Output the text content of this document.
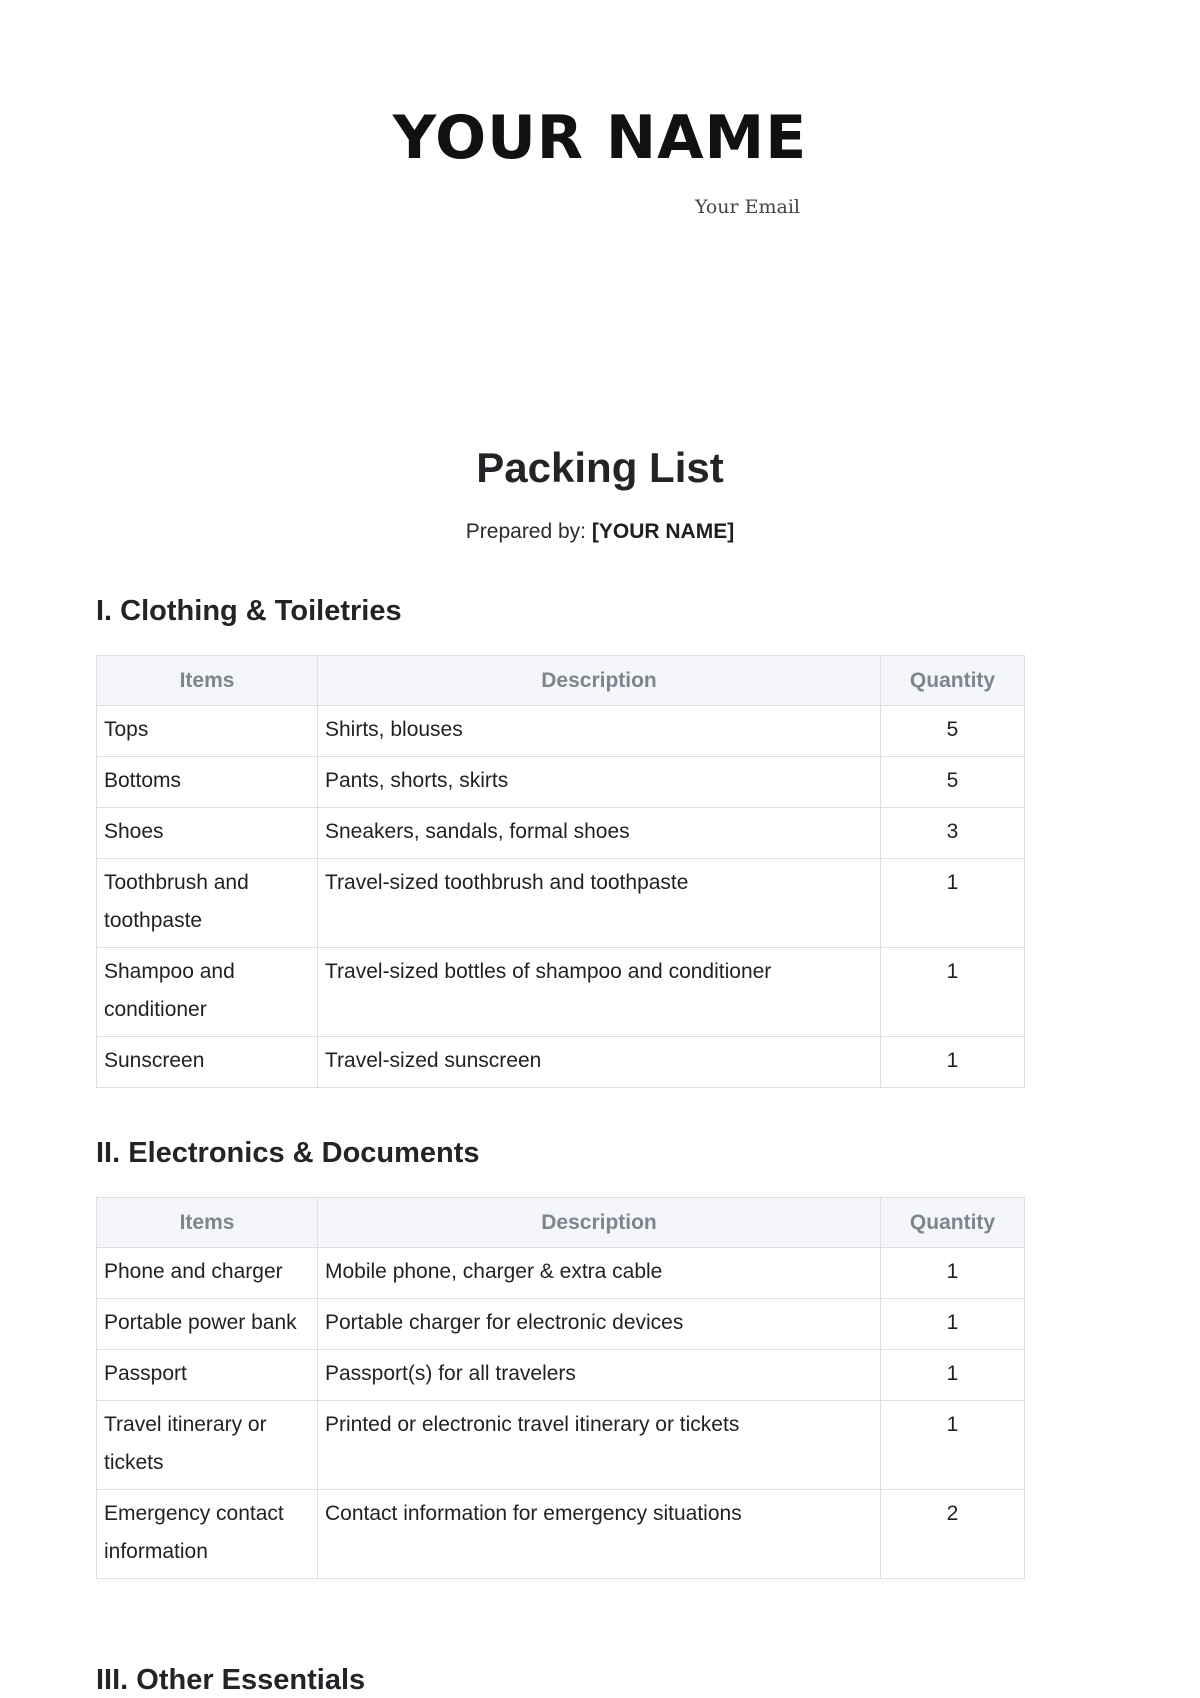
YOUR NAME
Your Email
Packing List
Prepared by: [YOUR NAME]
I. Clothing & Toiletries
Items	Description	Quantity
Tops	Shirts, blouses	5
Bottoms	Pants, shorts, skirts	5
Shoes	Sneakers, sandals, formal shoes	3
Toothbrush and toothpaste	Travel-sized toothbrush and toothpaste	1
Shampoo and conditioner	Travel-sized bottles of shampoo and conditioner	1
Sunscreen	Travel-sized sunscreen	1
II. Electronics & Documents
Items	Description	Quantity
Phone and charger	Mobile phone, charger & extra cable	1
Portable power bank	Portable charger for electronic devices	1
Passport	Passport(s) for all travelers	1
Travel itinerary or tickets	Printed or electronic travel itinerary or tickets	1
Emergency contact information	Contact information for emergency situations	2
III. Other Essentials
